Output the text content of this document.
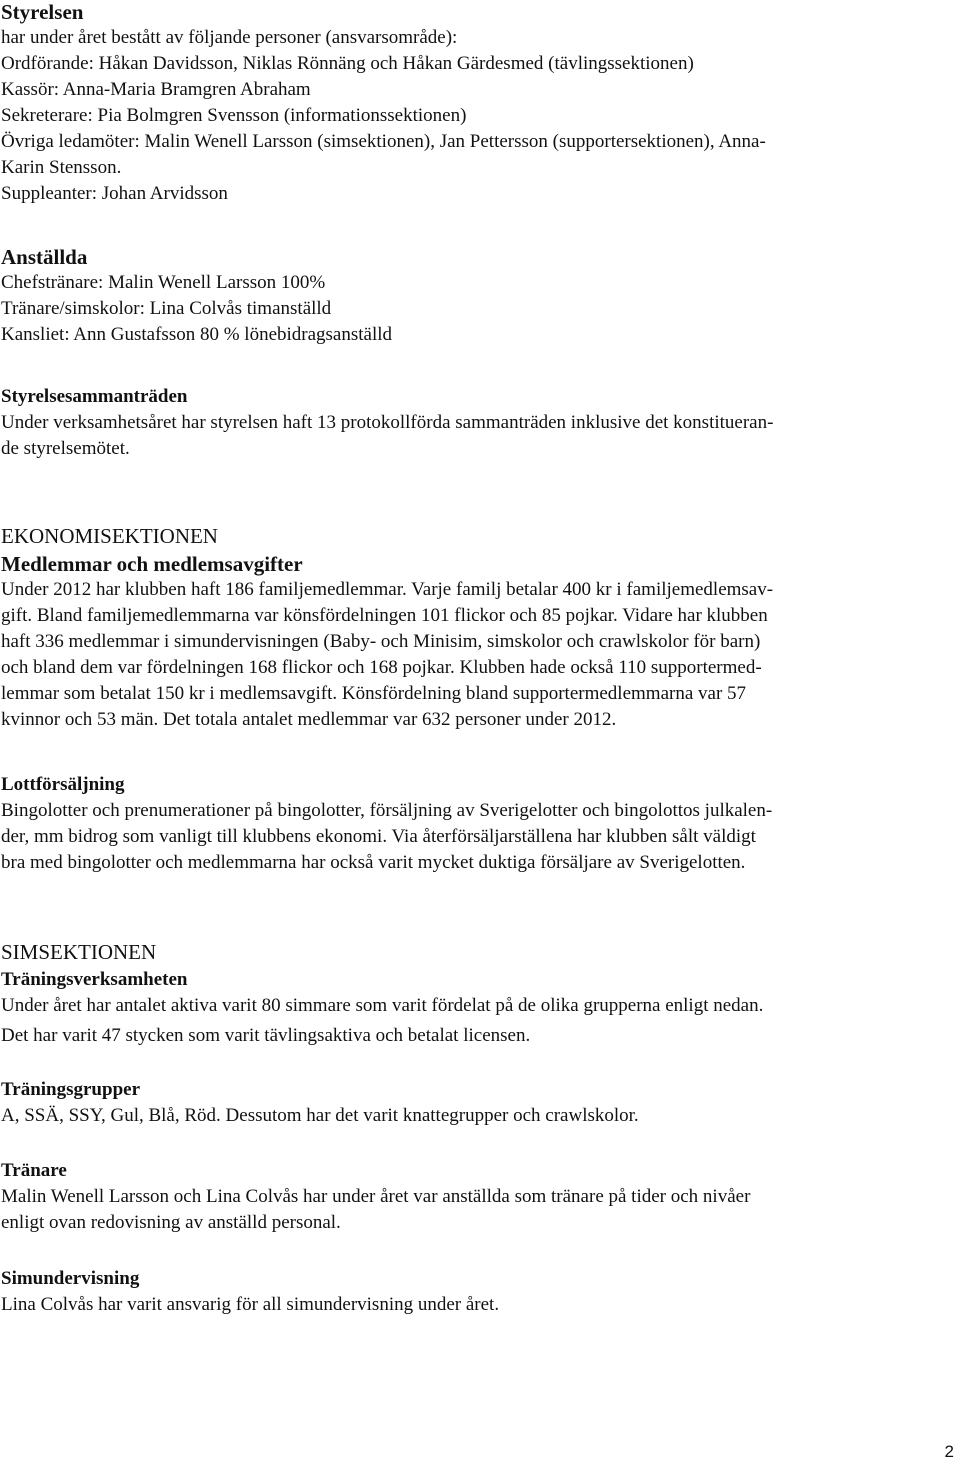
Styrelsen
har under året bestått av följande personer (ansvarsområde):
Ordförande: Håkan Davidsson, Niklas Rönnäng och Håkan Gärdesmed (tävlingssektionen)
Kassör: Anna-Maria Bramgren Abraham
Sekreterare: Pia Bolmgren Svensson (informationssektionen)
Övriga ledamöter: Malin Wenell Larsson (simsektionen), Jan Pettersson (supportersektionen), Anna-
Karin Stensson.
Suppleanter: Johan Arvidsson
Anställda
Chefstränare: Malin Wenell Larsson 100%
Tränare/simskolor: Lina Colvås timanställd
Kansliet: Ann Gustafsson 80 % lönebidragsanställd
Styrelsesammanträden
Under verksamhetsåret har styrelsen haft 13 protokollförda sammanträden inklusive det konstitueran-
de styrelsemötet.
EKONOMISEKTIONEN
Medlemmar och medlemsavgifter
Under 2012 har klubben haft 186 familjemedlemmar. Varje familj betalar 400 kr i familjemedlemsav-
gift. Bland familjemedlemmarna var könsfördelningen 101 flickor och 85 pojkar. Vidare har klubben
haft 336 medlemmar i simundervisningen (Baby- och Minisim, simskolor och crawlskolor för barn)
och bland dem var fördelningen 168 flickor och 168 pojkar. Klubben hade också 110 supportermed-
lemmar som betalat 150 kr i medlemsavgift. Könsfördelning bland supportermedlemmarna var 57
kvinnor och 53 män. Det totala antalet medlemmar var 632 personer under 2012.
Lottförsäljning
Bingolotter och prenumerationer på bingolotter, försäljning av Sverigelotter och bingolottos julkalen-
der, mm bidrog som vanligt till klubbens ekonomi. Via återförsäljarställena har klubben sålt väldigt
bra med bingolotter och medlemmarna har också varit mycket duktiga försäljare av Sverigelotten.
SIMSEKTIONEN
Träningsverksamheten
Under året har antalet aktiva varit 80 simmare som varit fördelat på de olika grupperna enligt nedan.
Det har varit 47 stycken som varit tävlingsaktiva och betalat licensen.
Träningsgrupper
A, SSÄ, SSY, Gul, Blå, Röd. Dessutom har det varit knattegrupper och crawlskolor.
Tränare
Malin Wenell Larsson och Lina Colvås har under året var anställda som tränare på tider och nivåer
enligt ovan redovisning av anställd personal.
Simundervisning
Lina Colvås har varit ansvarig för all simundervisning under året.
2
